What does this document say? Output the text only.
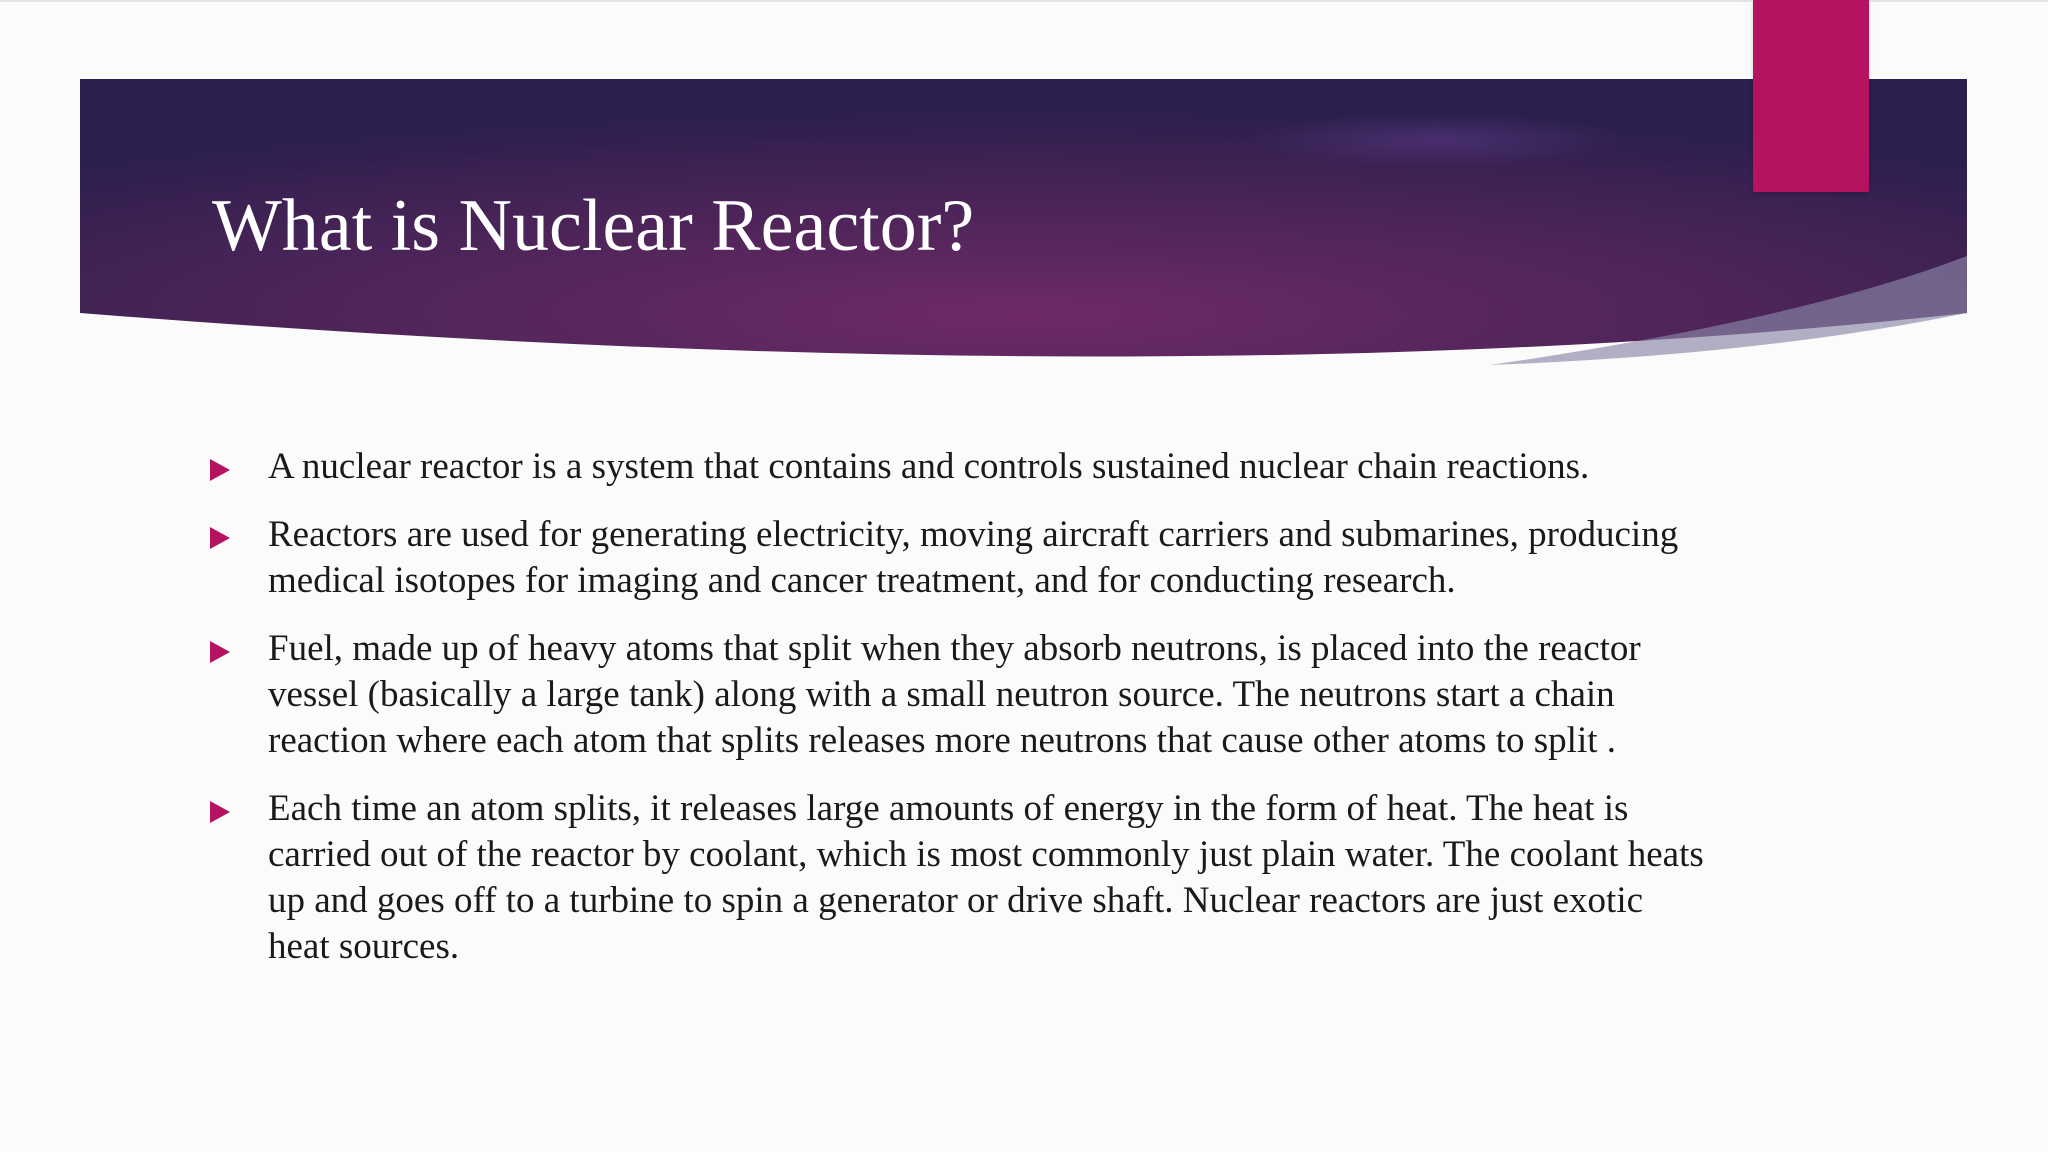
What is Nuclear Reactor?
A nuclear reactor is a system that contains and controls sustained nuclear chain reactions.
Reactors are used for generating electricity, moving aircraft carriers and submarines, producing medical isotopes for imaging and cancer treatment, and for conducting research.
Fuel, made up of heavy atoms that split when they absorb neutrons, is placed into the reactor vessel (basically a large tank) along with a small neutron source. The neutrons start a chain reaction where each atom that splits releases more neutrons that cause other atoms to split .
Each time an atom splits, it releases large amounts of energy in the form of heat. The heat is carried out of the reactor by coolant, which is most commonly just plain water. The coolant heats up and goes off to a turbine to spin a generator or drive shaft. Nuclear reactors are just exotic heat sources.
